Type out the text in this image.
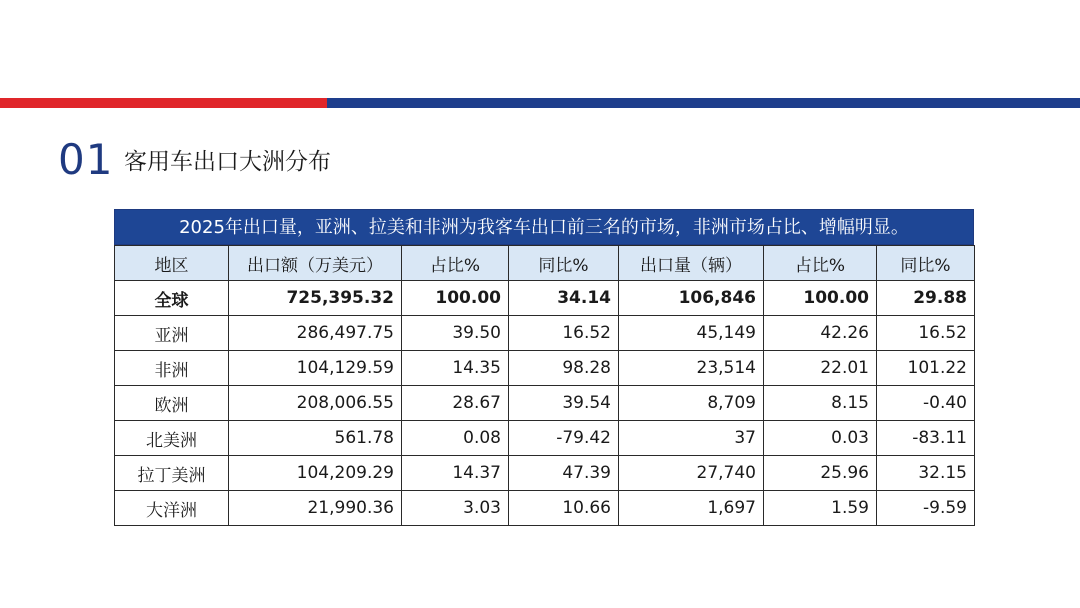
01 客用车出口大洲分布
2025年出口量，亚洲、拉美和非洲为我客车出口前三名的市场，非洲市场占比、增幅明显。
地区	出口额（万美元）	占比%	同比%	出口量（辆）	占比%	同比%
全球	725,395.32	100.00	34.14	106,846	100.00	29.88
亚洲	286,497.75	39.50	16.52	45,149	42.26	16.52
非洲	104,129.59	14.35	98.28	23,514	22.01	101.22
欧洲	208,006.55	28.67	39.54	8,709	8.15	-0.40
北美洲	561.78	0.08	-79.42	37	0.03	-83.11
拉丁美洲	104,209.29	14.37	47.39	27,740	25.96	32.15
大洋洲	21,990.36	3.03	10.66	1,697	1.59	-9.59
